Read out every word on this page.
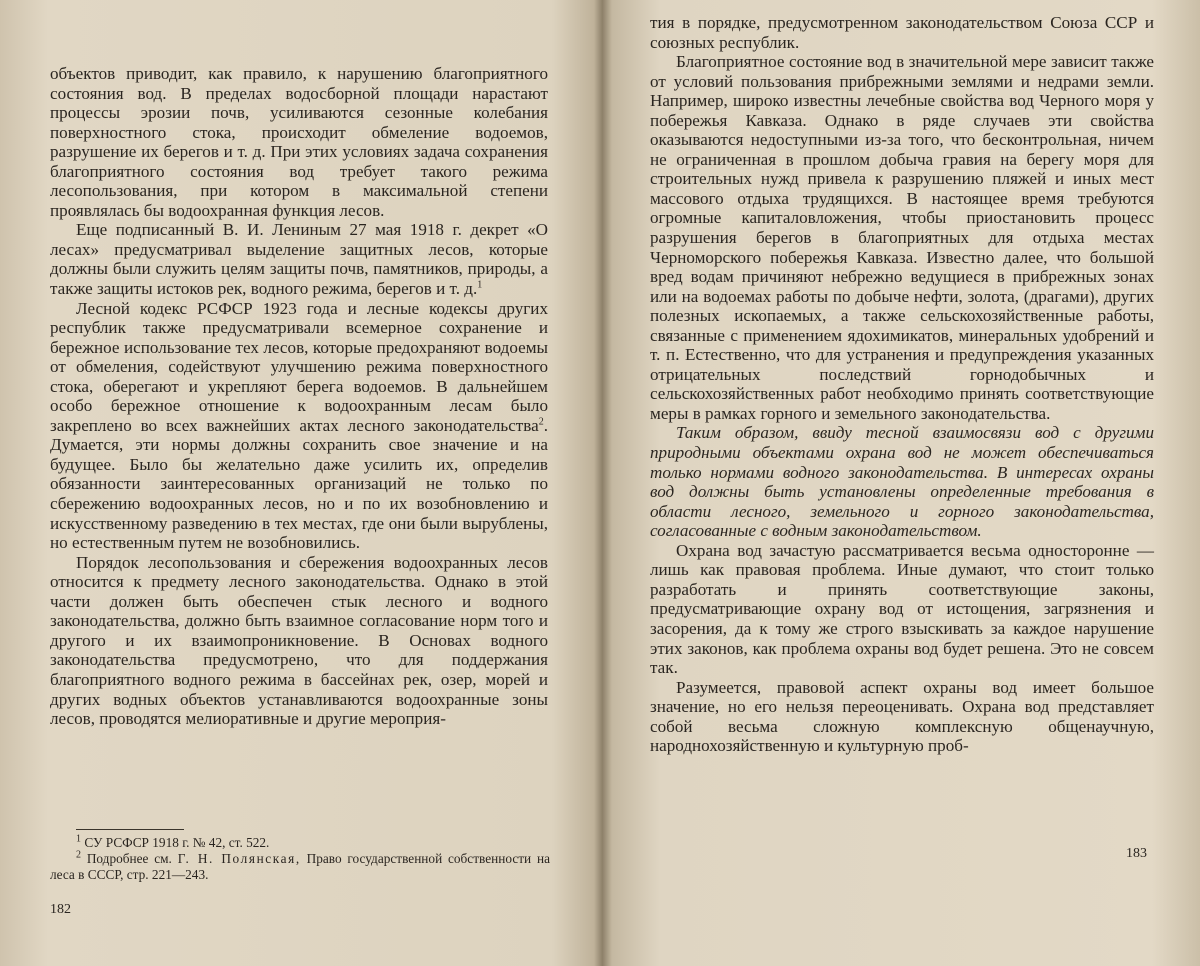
объектов приводит, как правило, к нарушению благоприятного состояния вод. В пределах водосборной площади нарастают процессы эрозии почв, усиливаются сезонные колебания поверхностного стока, происходит обмеление водоемов, разрушение их берегов и т. д. При этих условиях задача сохранения благоприятного состояния вод требует такого режима лесопользования, при котором в максимальной степени проявлялась бы водоохранная функция лесов.

Еще подписанный В. И. Лениным 27 мая 1918 г. декрет «О лесах» предусматривал выделение защитных лесов, которые должны были служить целям защиты почв, памятников, природы, а также защиты истоков рек, водного режима, берегов и т. д.$^1$

Лесной кодекс РСФСР 1923 года и лесные кодексы других республик также предусматривали всемерное сохранение и бережное использование тех лесов, которые предохраняют водоемы от обмеления, содействуют улучшению режима поверхностного стока, оберегают и укрепляют берега водоемов. В дальнейшем особо бережное отношение к водоохранным лесам было закреплено во всех важнейших актах лесного законодательства$^2$. Думается, эти нормы должны сохранить свое значение и на будущее. Было бы желательно даже усилить их, определив обязанности заинтересованных организаций не только по сбережению водоохранных лесов, но и по их возобновлению и искусственному разведению в тех местах, где они были вырублены, но естественным путем не возобновились.

Порядок лесопользования и сбережения водоохранных лесов относится к предмету лесного законодательства. Однако в этой части должен быть обеспечен стык лесного и водного законодательства, должно быть взаимное согласование норм того и другого и их взаимопроникновение. В Основах водного законодательства предусмотрено, что для поддержания благоприятного водного режима в бассейнах рек, озер, морей и других водных объектов устанавливаются водоохранные зоны лесов, проводятся мелиоративные и другие мероприя-

$^1$ СУ РСФСР 1918 г. № 42, ст. 522.

$^2$ Подробнее см. Г. Н. Полянская, Право государственной собственности на леса в СССР, стр. 221—243.

182

тия в порядке, предусмотренном законодательством Союза ССР и союзных республик.

Благоприятное состояние вод в значительной мере зависит также от условий пользования прибрежными землями и недрами земли. Например, широко известны лечебные свойства вод Черного моря у побережья Кавказа. Однако в ряде случаев эти свойства оказываются недоступными из-за того, что бесконтрольная, ничем не ограниченная в прошлом добыча гравия на берегу моря для строительных нужд привела к разрушению пляжей и иных мест массового отдыха трудящихся. В настоящее время требуются огромные капиталовложения, чтобы приостановить процесс разрушения берегов в благоприятных для отдыха местах Черноморского побережья Кавказа. Известно далее, что большой вред водам причиняют небрежно ведущиеся в прибрежных зонах или на водоемах работы по добыче нефти, золота, (драгами), других полезных ископаемых, а также сельскохозяйственные работы, связанные с применением ядохимикатов, минеральных удобрений и т. п. Естественно, что для устранения и предупреждения указанных отрицательных последствий горнодобычных и сельскохозяйственных работ необходимо принять соответствующие меры в рамках горного и земельного законодательства.

Таким образом, ввиду тесной взаимосвязи вод с другими природными объектами охрана вод не может обеспечиваться только нормами водного законодательства. В интересах охраны вод должны быть установлены определенные требования в области лесного, земельного и горного законодательства, согласованные с водным законодательством.

Охрана вод зачастую рассматривается весьма односторонне — лишь как правовая проблема. Иные думают, что стоит только разработать и принять соответствующие законы, предусматривающие охрану вод от истощения, загрязнения и засорения, да к тому же строго взыскивать за каждое нарушение этих законов, как проблема охраны вод будет решена. Это не совсем так.

Разумеется, правовой аспект охраны вод имеет большое значение, но его нельзя переоценивать. Охрана вод представляет собой весьма сложную комплексную общенаучную, народнохозяйственную и культурную проб-

183
